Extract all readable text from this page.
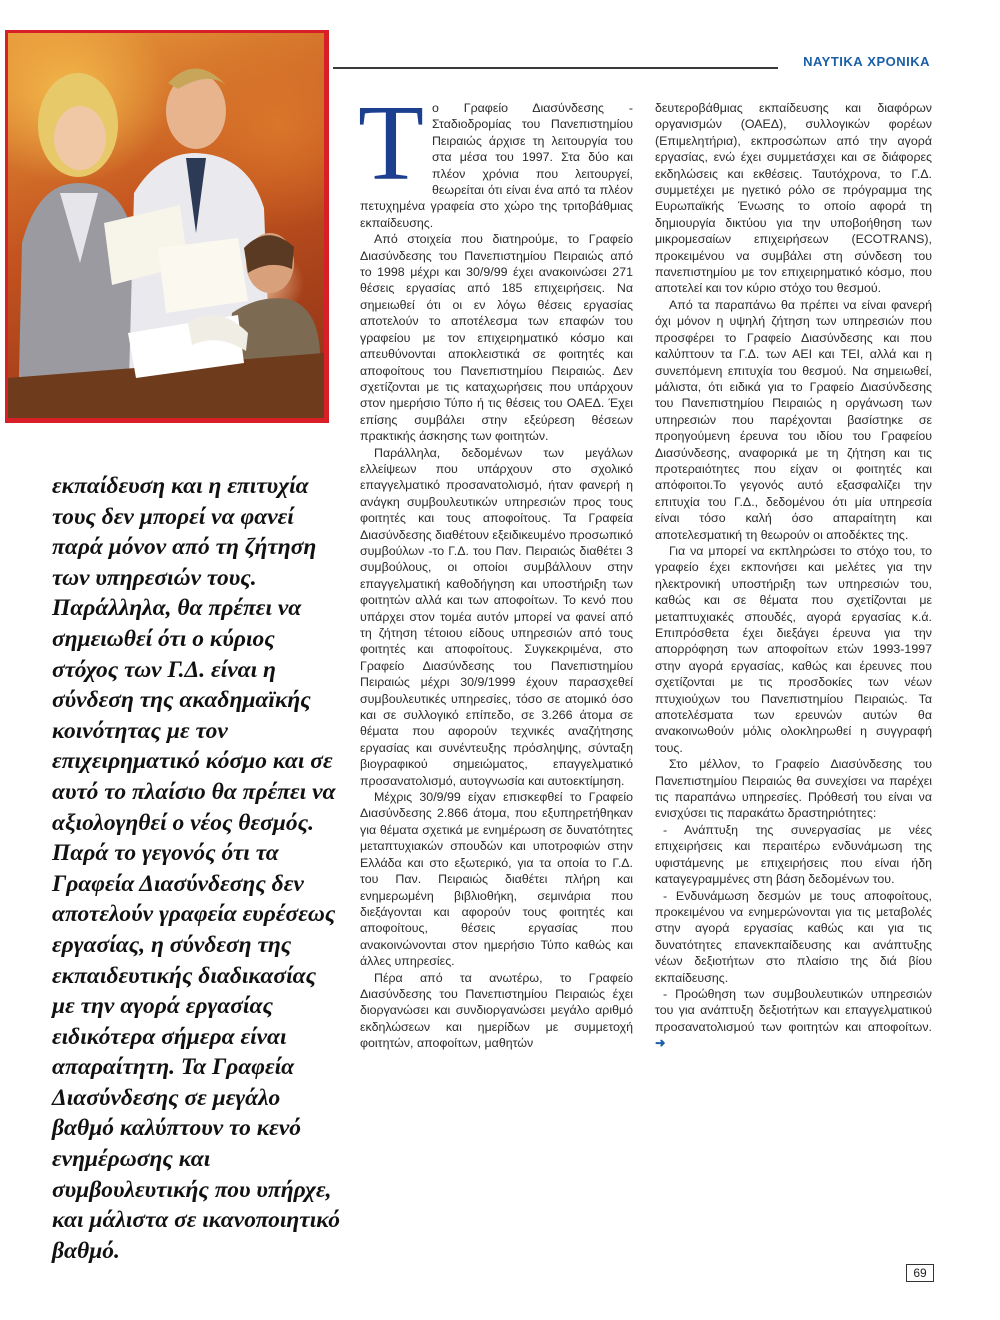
ΝΑΥΤΙΚΑ ΧΡΟΝΙΚΑ
εκπαίδευση και η επιτυχία τους δεν μπορεί να φανεί παρά μόνον από τη ζήτηση των υπηρεσιών τους. Παράλληλα, θα πρέπει να σημειωθεί ότι ο κύριος στόχος των Γ.Δ. είναι η σύνδεση της ακαδημαϊκής κοινότητας με τον επιχειρηματικό κόσμο και σε αυτό το πλαίσιο θα πρέπει να αξιολογηθεί ο νέος θεσμός. Παρά το γεγονός ότι τα Γραφεία Διασύνδεσης δεν αποτελούν γραφεία ευρέσεως εργασίας, η σύνδεση της εκπαιδευτικής διαδικασίας με την αγορά εργασίας ειδικότερα σήμερα είναι απαραίτητη. Τα Γραφεία Διασύνδεσης σε μεγάλο βαθμό καλύπτουν το κενό ενημέρωσης και συμβουλευτικής που υπήρχε, και μάλιστα σε ικανοποιητικό βαθμό.

Το Γραφείο Διασύνδεσης - Σταδιοδρομίας του Πανεπιστημίου Πειραιώς άρχισε τη λειτουργία του στα μέσα του 1997. Στα δύο και πλέον χρόνια που λειτουργεί, θεωρείται ότι είναι ένα από τα πλέον πετυχημένα γραφεία στο χώρο της τριτοβάθμιας εκπαίδευσης.

Από στοιχεία που διατηρούμε, το Γραφείο Διασύνδεσης του Πανεπιστημίου Πειραιώς από το 1998 μέχρι και 30/9/99 έχει ανακοινώσει 271 θέσεις εργασίας από 185 επιχειρήσεις. Να σημειωθεί ότι οι εν λόγω θέσεις εργασίας αποτελούν το αποτέλεσμα των επαφών του γραφείου με τον επιχειρηματικό κόσμο και απευθύνονται αποκλειστικά σε φοιτητές και αποφοίτους του Πανεπιστημίου Πειραιώς. Δεν σχετίζονται με τις καταχωρήσεις που υπάρχουν στον ημερήσιο Τύπο ή τις θέσεις του ΟΑΕΔ. Έχει επίσης συμβάλει στην εξεύρεση θέσεων πρακτικής άσκησης των φοιτητών.

Παράλληλα, δεδομένων των μεγάλων ελλείψεων που υπάρχουν στο σχολικό επαγγελματικό προσανατολισμό, ήταν φανερή η ανάγκη συμβουλευτικών υπηρεσιών προς τους φοιτητές και τους αποφοίτους. Τα Γραφεία Διασύνδεσης διαθέτουν εξειδικευμένο προσωπικό συμβούλων -το Γ.Δ. του Παν. Πειραιώς διαθέτει 3 συμβούλους, οι οποίοι συμβάλλουν στην επαγγελματική καθοδήγηση και υποστήριξη των φοιτητών αλλά και των αποφοίτων. Το κενό που υπάρχει στον τομέα αυτόν μπορεί να φανεί από τη ζήτηση τέτοιου είδους υπηρεσιών από τους φοιτητές και αποφοίτους. Συγκεκριμένα, στο Γραφείο Διασύνδεσης του Πανεπιστημίου Πειραιώς μέχρι 30/9/1999 έχουν παρασχεθεί συμβουλευτικές υπηρεσίες, τόσο σε ατομικό όσο και σε συλλογικό επίπεδο, σε 3.266 άτομα σε θέματα που αφορούν τεχνικές αναζήτησης εργασίας και συνέντευξης πρόσληψης, σύνταξη βιογραφικού σημειώματος, επαγγελματικό προσανατολισμό, αυτογνωσία και αυτοεκτίμηση.

Μέχρις 30/9/99 είχαν επισκεφθεί το Γραφείο Διασύνδεσης 2.866 άτομα, που εξυπηρετήθηκαν για θέματα σχετικά με ενημέρωση σε δυνατότητες μεταπτυχιακών σπουδών και υποτροφιών στην Ελλάδα και στο εξωτερικό, για τα οποία το Γ.Δ. του Παν. Πειραιώς διαθέτει πλήρη και ενημερωμένη βιβλιοθήκη, σεμινάρια που διεξάγονται και αφορούν τους φοιτητές και αποφοίτους, θέσεις εργασίας που ανακοινώνονται στον ημερήσιο Τύπο καθώς και άλλες υπηρεσίες.

Πέρα από τα ανωτέρω, το Γραφείο Διασύνδεσης του Πανεπιστημίου Πειραιώς έχει διοργανώσει και συνδιοργανώσει μεγάλο αριθμό εκδηλώσεων και ημερίδων με συμμετοχή φοιτητών, αποφοίτων, μαθητών

δευτεροβάθμιας εκπαίδευσης και διαφόρων οργανισμών (ΟΑΕΔ), συλλογικών φορέων (Επιμελητήρια), εκπροσώπων από την αγορά εργασίας, ενώ έχει συμμετάσχει και σε διάφορες εκδηλώσεις και εκθέσεις. Ταυτόχρονα, το Γ.Δ. συμμετέχει με ηγετικό ρόλο σε πρόγραμμα της Ευρωπαϊκής Ένωσης το οποίο αφορά τη δημιουργία δικτύου για την υποβοήθηση των μικρομεσαίων επιχειρήσεων (ECOTRANS), προκειμένου να συμβάλει στη σύνδεση του πανεπιστημίου με τον επιχειρηματικό κόσμο, που αποτελεί και τον κύριο στόχο του θεσμού.

Από τα παραπάνω θα πρέπει να είναι φανερή όχι μόνον η υψηλή ζήτηση των υπηρεσιών που προσφέρει το Γραφείο Διασύνδεσης και που καλύπτουν τα Γ.Δ. των ΑΕΙ και ΤΕΙ, αλλά και η συνεπόμενη επιτυχία του θεσμού. Να σημειωθεί, μάλιστα, ότι ειδικά για το Γραφείο Διασύνδεσης του Πανεπιστημίου Πειραιώς η οργάνωση των υπηρεσιών που παρέχονται βασίστηκε σε προηγούμενη έρευνα του ιδίου του Γραφείου Διασύνδεσης, αναφορικά με τη ζήτηση και τις προτεραιότητες που είχαν οι φοιτητές και απόφοιτοι.Το γεγονός αυτό εξασφαλίζει την επιτυχία του Γ.Δ., δεδομένου ότι μία υπηρεσία είναι τόσο καλή όσο απαραίτητη και αποτελεσματική τη θεωρούν οι αποδέκτες της.

Για να μπορεί να εκπληρώσει το στόχο του, το γραφείο έχει εκπονήσει και μελέτες για την ηλεκτρονική υποστήριξη των υπηρεσιών του, καθώς και σε θέματα που σχετίζονται με μεταπτυχιακές σπουδές, αγορά εργασίας κ.ά. Επιπρόσθετα έχει διεξάγει έρευνα για την απορρόφηση των αποφοίτων ετών 1993-1997 στην αγορά εργασίας, καθώς και έρευνες που σχετίζονται με τις προσδοκίες των νέων πτυχιούχων του Πανεπιστημίου Πειραιώς. Τα αποτελέσματα των ερευνών αυτών θα ανακοινωθούν μόλις ολοκληρωθεί η συγγραφή τους.

Στο μέλλον, το Γραφείο Διασύνδεσης του Πανεπιστημίου Πειραιώς θα συνεχίσει να παρέχει τις παραπάνω υπηρεσίες. Πρόθεσή του είναι να ενισχύσει τις παρακάτω δραστηριότητες:

- Ανάπτυξη της συνεργασίας με νέες επιχειρήσεις και περαιτέρω ενδυνάμωση της υφιστάμενης με επιχειρήσεις που είναι ήδη καταγεγραμμένες στη βάση δεδομένων του.

- Ενδυνάμωση δεσμών με τους αποφοίτους, προκειμένου να ενημερώνονται για τις μεταβολές στην αγορά εργασίας καθώς και για τις δυνατότητες επανεκπαίδευσης και ανάπτυξης νέων δεξιοτήτων στο πλαίσιο της διά βίου εκπαίδευσης.

- Προώθηση των συμβουλευτικών υπηρεσιών του για ανάπτυξη δεξιοτήτων και επαγγελματικού προσανατολισμού των φοιτητών και αποφοίτων. ➜

69
